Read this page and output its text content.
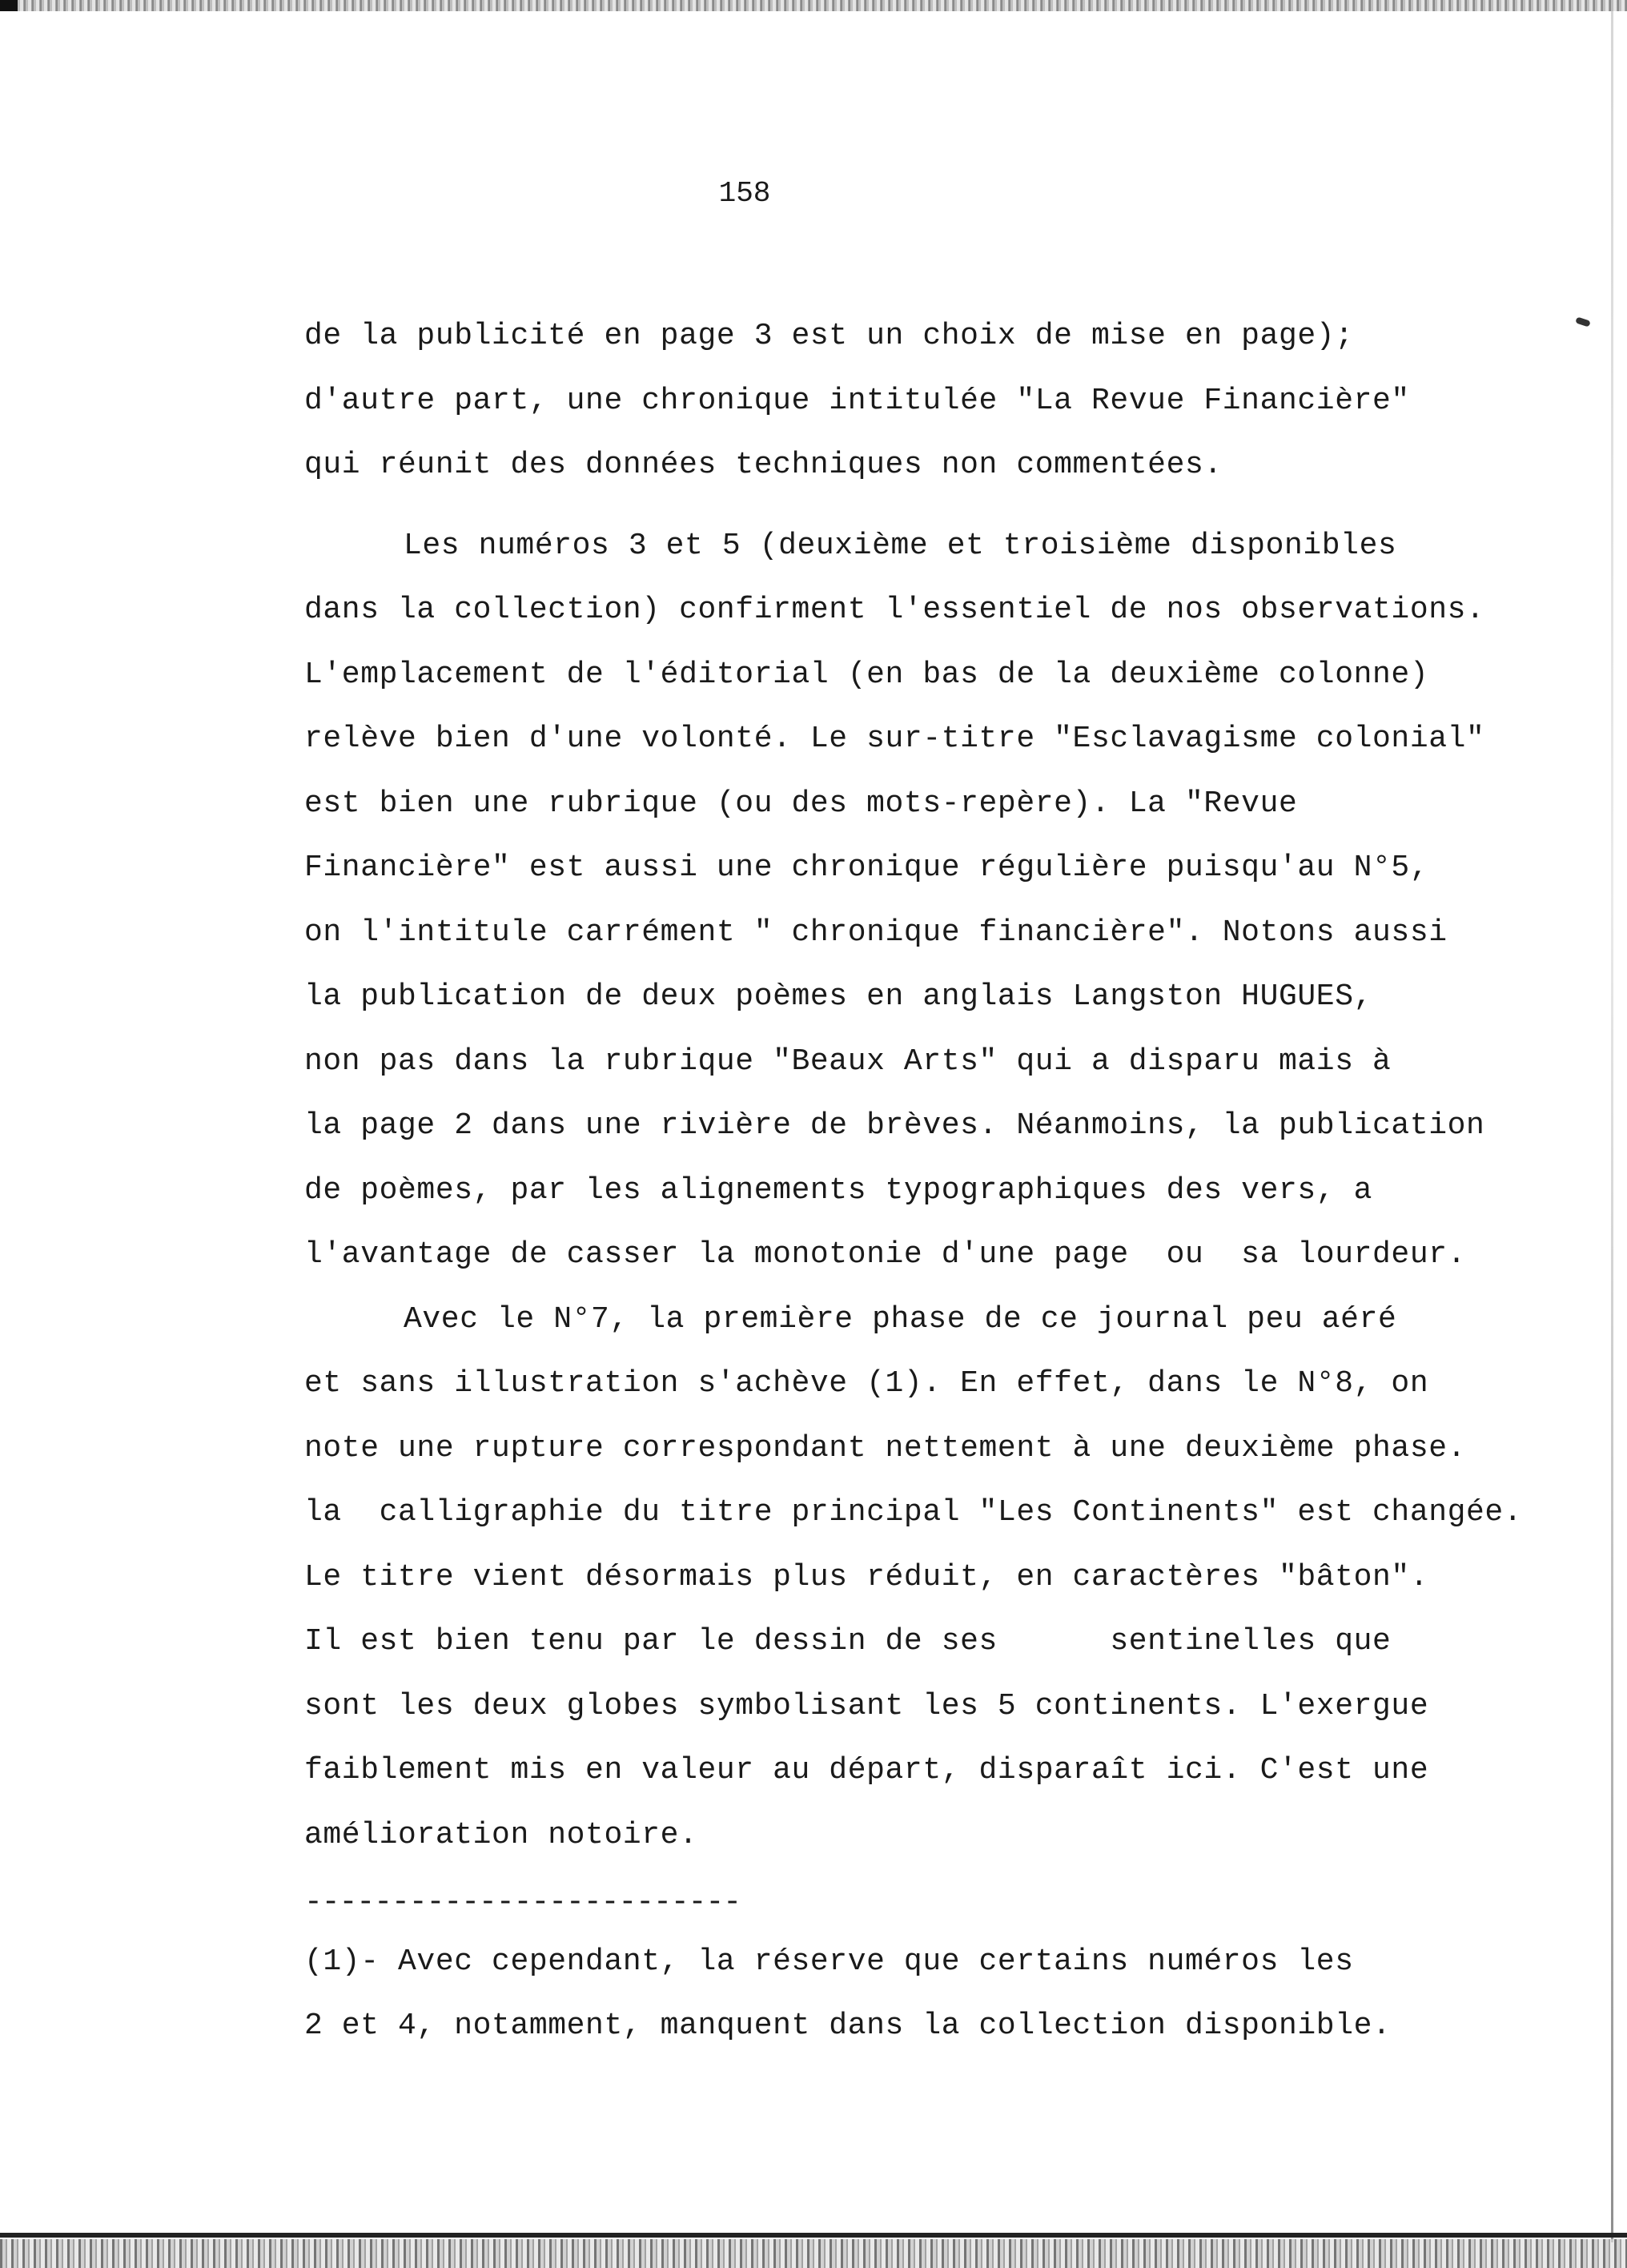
158

de la publicité en page 3 est un choix de mise en page);

d'autre part, une chronique intitulée "La Revue Financière"

qui réunit des données techniques non commentées.

Les numéros 3 et 5 (deuxième et troisième disponibles

dans la collection) confirment l'essentiel de nos observations.

L'emplacement de l'éditorial (en bas de la deuxième colonne)

relève bien d'une volonté. Le sur-titre "Esclavagisme colonial"

est bien une rubrique (ou des mots-repère). La "Revue

Financière" est aussi une chronique régulière puisqu'au N°5,

on l'intitule carrément " chronique financière". Notons aussi

la publication de deux poèmes en anglais Langston HUGUES,

non pas dans la rubrique "Beaux Arts" qui a disparu mais à

la page 2 dans une rivière de brèves. Néanmoins, la publication

de poèmes, par les alignements typographiques des vers, a

l'avantage de casser la monotonie d'une page  ou  sa lourdeur.

Avec le N°7, la première phase de ce journal peu aéré

et sans illustration s'achève (1). En effet, dans le N°8, on

note une rupture correspondant nettement à une deuxième phase.

la  calligraphie du titre principal "Les Continents" est changée.

Le titre vient désormais plus réduit, en caractères "bâton".

Il est bien tenu par le dessin de ses      sentinelles que

sont les deux globes symbolisant les 5 continents. L'exergue

faiblement mis en valeur au départ, disparaît ici. C'est une

amélioration notoire.

-------------------------

(1)- Avec cependant, la réserve que certains numéros les

2 et 4, notamment, manquent dans la collection disponible.
